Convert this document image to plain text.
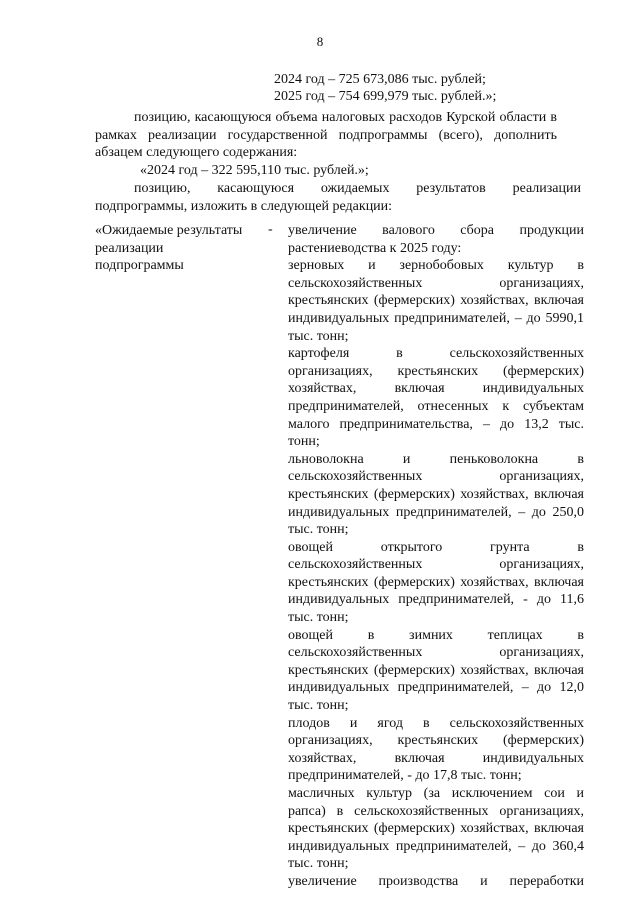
8
2024 год – 725 673,086 тыс. рублей;
2025 год – 754 699,979 тыс. рублей.»;
позицию, касающуюся объема налоговых расходов Курской области в рамках реализации государственной подпрограммы (всего), дополнить абзацем следующего содержания:
«2024 год – 322 595,110 тыс. рублей.»;
позицию, касающуюся ожидаемых результатов реализации подпрограммы, изложить в следующей редакции:
«Ожидаемые результаты реализации подпрограммы
- увеличение валового сбора продукции растениеводства к 2025 году:

зерновых и зернобобовых культур в сельскохозяйственных организациях, крестьянских (фермерских) хозяйствах, включая индивидуальных предпринимателей, – до 5990,1 тыс. тонн;

картофеля в сельскохозяйственных организациях, крестьянских (фермерских) хозяйствах, включая индивидуальных предпринимателей, отнесенных к субъектам малого предпринимательства, – до 13,2 тыс. тонн;

льноволокна и пеньковолокна в сельскохозяйственных организациях, крестьянских (фермерских) хозяйствах, включая индивидуальных предпринимателей, – до 250,0 тыс. тонн;

овощей открытого грунта в сельскохозяйственных организациях, крестьянских (фермерских) хозяйствах, включая индивидуальных предпринимателей, - до 11,6 тыс. тонн;

овощей в зимних теплицах в сельскохозяйственных организациях, крестьянских (фермерских) хозяйствах, включая индивидуальных предпринимателей, – до 12,0 тыс. тонн;

плодов и ягод в сельскохозяйственных организациях, крестьянских (фермерских) хозяйствах, включая индивидуальных предпринимателей, - до 17,8 тыс. тонн;

масличных культур (за исключением сои и рапса) в сельскохозяйственных организациях, крестьянских (фермерских) хозяйствах, включая индивидуальных предпринимателей, – до 360,4 тыс. тонн;

увеличение производства и переработки
